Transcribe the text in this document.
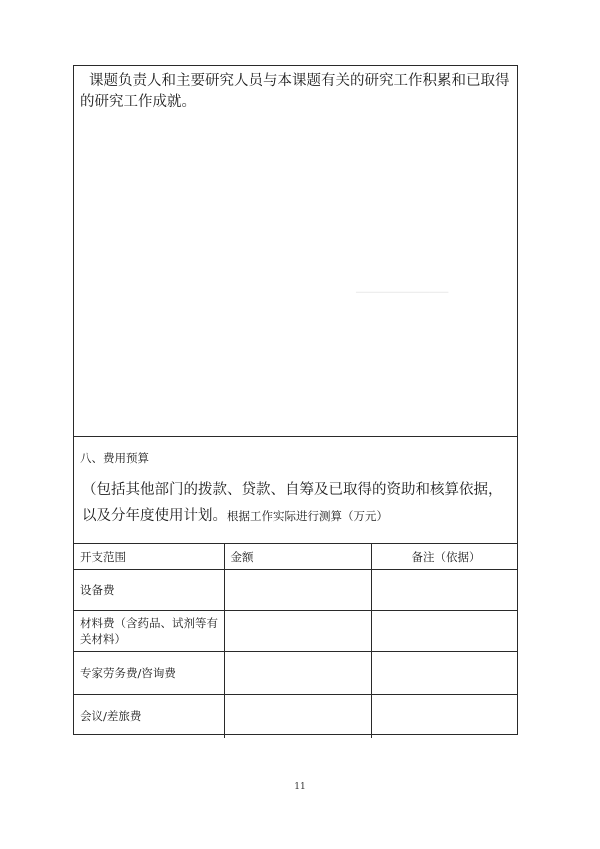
课题负责人和主要研究人员与本课题有关的研究工作积累和已取得的研究工作成就。

▁▁▁▁▁▁▁▁▁▁▁▁▁▁▁

八、费用预算

（包括其他部门的拨款、贷款、自筹及已取得的资助和核算依据，以及分年度使用计划。根据工作实际进行测算（万元）

开支范围	金额	备注（依据）
设备费		
材料费（含药品、试剂等有关材料）		
专家劳务费/咨询费		
会议/差旅费		
11
